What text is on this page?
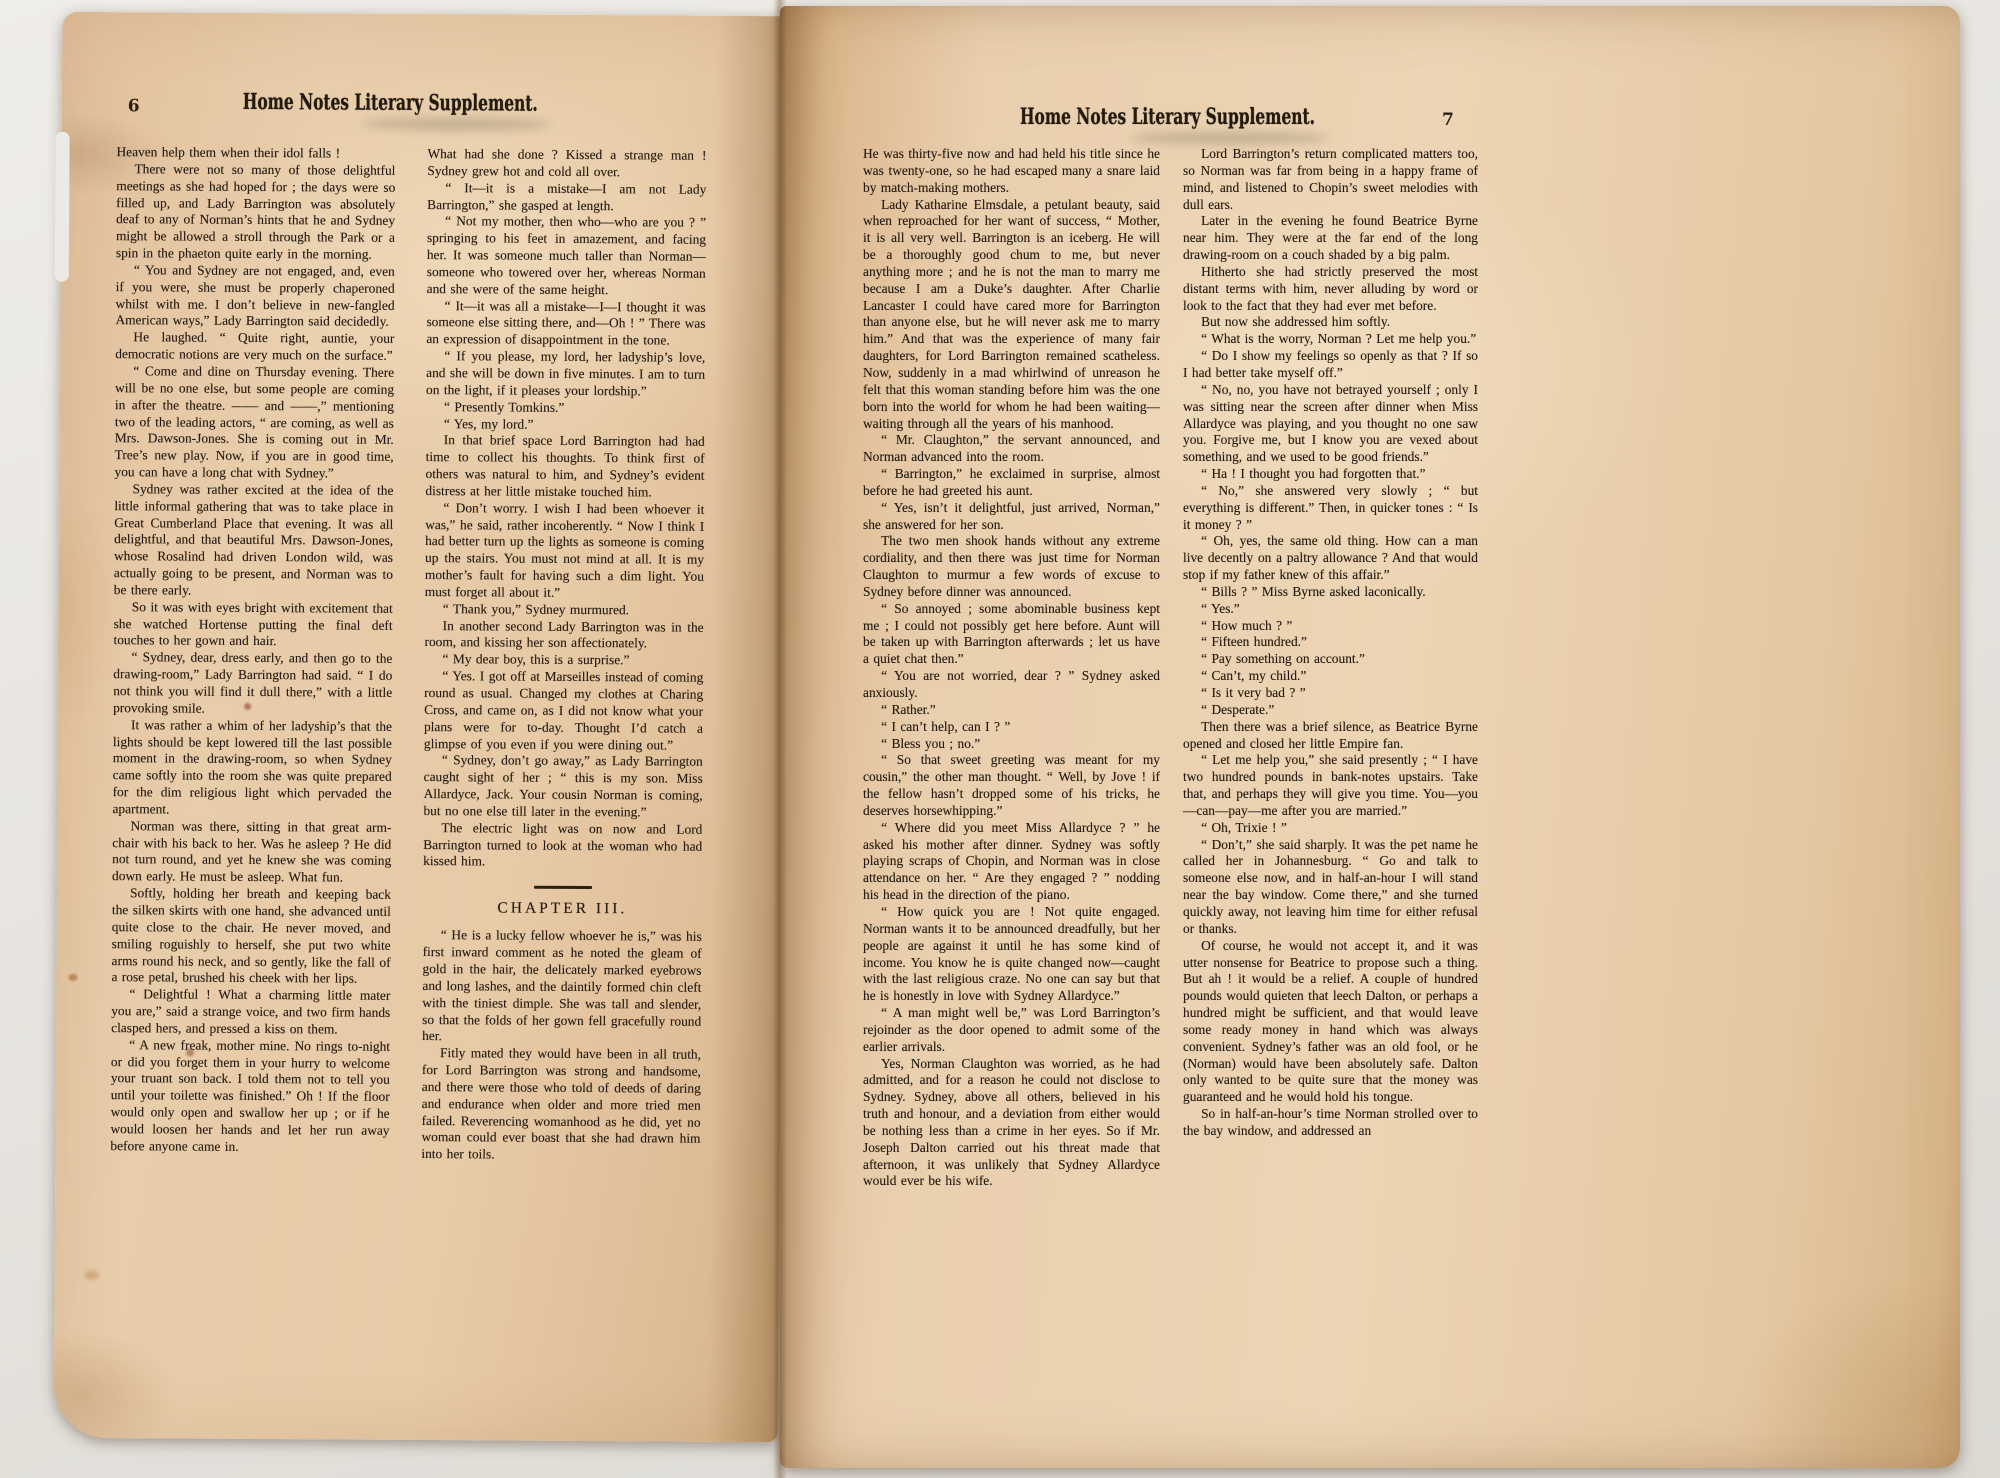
6	Home Notes Literary Supplement.

Heaven help them when their idol falls !

There were not so many of those delightful meetings as she had hoped for ; the days were so filled up, and Lady Barrington was absolutely deaf to any of Norman’s hints that he and Sydney might be allowed a stroll through the Park or a spin in the phaeton quite early in the morning.

“ You and Sydney are not engaged, and, even if you were, she must be properly chaperoned whilst with me. I don’t believe in new-fangled American ways,” Lady Barrington said decidedly.

He laughed. “ Quite right, auntie, your democratic notions are very much on the surface.”

“ Come and dine on Thursday evening. There will be no one else, but some people are coming in after the theatre. —— and ——,” mentioning two of the leading actors, “ are coming, as well as Mrs. Dawson-Jones. She is coming out in Mr. Tree’s new play. Now, if you are in good time, you can have a long chat with Sydney.”

Sydney was rather excited at the idea of the little informal gathering that was to take place in Great Cumberland Place that evening. It was all delightful, and that beautiful Mrs. Dawson-Jones, whose Rosalind had driven London wild, was actually going to be present, and Norman was to be there early.

So it was with eyes bright with excitement that she watched Hortense putting the final deft touches to her gown and hair.

“ Sydney, dear, dress early, and then go to the drawing-room,” Lady Barrington had said. “ I do not think you will find it dull there,” with a little provoking smile.

It was rather a whim of her ladyship’s that the lights should be kept lowered till the last possible moment in the drawing-room, so when Sydney came softly into the room she was quite prepared for the dim religious light which pervaded the apartment.

Norman was there, sitting in that great arm-chair with his back to her. Was he asleep ? He did not turn round, and yet he knew she was coming down early. He must be asleep. What fun.

Softly, holding her breath and keeping back the silken skirts with one hand, she advanced until quite close to the chair. He never moved, and smiling roguishly to herself, she put two white arms round his neck, and so gently, like the fall of a rose petal, brushed his cheek with her lips.

“ Delightful ! What a charming little mater you are,” said a strange voice, and two firm hands clasped hers, and pressed a kiss on them.

“ A new freak, mother mine. No rings to-night or did you forget them in your hurry to welcome your truant son back. I told them not to tell you until your toilette was finished.” Oh ! If the floor would only open and swallow her up ; or if he would loosen her hands and let her run away before anyone came in.

What had she done ? Kissed a strange man ! Sydney grew hot and cold all over.

“ It—it is a mistake—I am not Lady Barrington,” she gasped at length.

“ Not my mother, then who—who are you ? ” springing to his feet in amazement, and facing her. It was someone much taller than Norman—someone who towered over her, whereas Norman and she were of the same height.

“ It—it was all a mistake—I—I thought it was someone else sitting there, and—Oh ! ” There was an expression of disappointment in the tone.

“ If you please, my lord, her ladyship’s love, and she will be down in five minutes. I am to turn on the light, if it pleases your lordship.”

“ Presently Tomkins.”

“ Yes, my lord.”

In that brief space Lord Barrington had had time to collect his thoughts. To think first of others was natural to him, and Sydney’s evident distress at her little mistake touched him.

“ Don’t worry. I wish I had been whoever it was,” he said, rather incoherently. “ Now I think I had better turn up the lights as someone is coming up the stairs. You must not mind at all. It is my mother’s fault for having such a dim light. You must forget all about it.”

“ Thank you,” Sydney murmured.

In another second Lady Barrington was in the room, and kissing her son affectionately.

“ My dear boy, this is a surprise.”

“ Yes. I got off at Marseilles instead of coming round as usual. Changed my clothes at Charing Cross, and came on, as I did not know what your plans were for to-day. Thought I’d catch a glimpse of you even if you were dining out.”

“ Sydney, don’t go away,” as Lady Barrington caught sight of her ; “ this is my son. Miss Allardyce, Jack. Your cousin Norman is coming, but no one else till later in the evening.”

The electric light was on now and Lord Barrington turned to look at the woman who had kissed him.

CHAPTER III.

“ He is a lucky fellow whoever he is,” was his first inward comment as he noted the gleam of gold in the hair, the delicately marked eyebrows and long lashes, and the daintily formed chin cleft with the tiniest dimple. She was tall and slender, so that the folds of her gown fell gracefully round her.

Fitly mated they would have been in all truth, for Lord Barrington was strong and handsome, and there were those who told of deeds of daring and endurance when older and more tried men failed. Reverencing womanhood as he did, yet no woman could ever boast that she had drawn him into her toils.

Home Notes Literary Supplement.	7

He was thirty-five now and had held his title since he was twenty-one, so he had escaped many a snare laid by match-making mothers.

Lady Katharine Elmsdale, a petulant beauty, said when reproached for her want of success, “ Mother, it is all very well. Barrington is an iceberg. He will be a thoroughly good chum to me, but never anything more ; and he is not the man to marry me because I am a Duke’s daughter. After Charlie Lancaster I could have cared more for Barrington than anyone else, but he will never ask me to marry him.” And that was the experience of many fair daughters, for Lord Barrington remained scatheless. Now, suddenly in a mad whirlwind of unreason he felt that this woman standing before him was the one born into the world for whom he had been waiting—waiting through all the years of his manhood.

“ Mr. Claughton,” the servant announced, and Norman advanced into the room.

“ Barrington,” he exclaimed in surprise, almost before he had greeted his aunt.

“ Yes, isn’t it delightful, just arrived, Norman,” she answered for her son.

The two men shook hands without any extreme cordiality, and then there was just time for Norman Claughton to murmur a few words of excuse to Sydney before dinner was announced.

“ So annoyed ; some abominable business kept me ; I could not possibly get here before. Aunt will be taken up with Barrington afterwards ; let us have a quiet chat then.”

“ You are not worried, dear ? ” Sydney asked anxiously.

“ Rather.”

“ I can’t help, can I ? ”

“ Bless you ; no.”

“ So that sweet greeting was meant for my cousin,” the other man thought. “ Well, by Jove ! if the fellow hasn’t dropped some of his tricks, he deserves horsewhipping.”

“ Where did you meet Miss Allardyce ? ” he asked his mother after dinner. Sydney was softly playing scraps of Chopin, and Norman was in close attendance on her. “ Are they engaged ? ” nodding his head in the direction of the piano.

“ How quick you are ! Not quite engaged. Norman wants it to be announced dreadfully, but her people are against it until he has some kind of income. You know he is quite changed now—caught with the last religious craze. No one can say but that he is honestly in love with Sydney Allardyce.”

“ A man might well be,” was Lord Barrington’s rejoinder as the door opened to admit some of the earlier arrivals.

Yes, Norman Claughton was worried, as he had admitted, and for a reason he could not disclose to Sydney. Sydney, above all others, believed in his truth and honour, and a deviation from either would be nothing less than a crime in her eyes. So if Mr. Joseph Dalton carried out his threat made that afternoon, it was unlikely that Sydney Allardyce would ever be his wife.

Lord Barrington’s return complicated matters too, so Norman was far from being in a happy frame of mind, and listened to Chopin’s sweet melodies with dull ears.

Later in the evening he found Beatrice Byrne near him. They were at the far end of the long drawing-room on a couch shaded by a big palm.

Hitherto she had strictly preserved the most distant terms with him, never alluding by word or look to the fact that they had ever met before.

But now she addressed him softly.

“ What is the worry, Norman ? Let me help you.”

“ Do I show my feelings so openly as that ? If so I had better take myself off.”

“ No, no, you have not betrayed yourself ; only I was sitting near the screen after dinner when Miss Allardyce was playing, and you thought no one saw you. Forgive me, but I know you are vexed about something, and we used to be good friends.”

“ Ha ! I thought you had forgotten that.”

“ No,” she answered very slowly ; “ but everything is different.” Then, in quicker tones : “ Is it money ? ”

“ Oh, yes, the same old thing. How can a man live decently on a paltry allowance ? And that would stop if my father knew of this affair.”

“ Bills ? ” Miss Byrne asked laconically.

“ Yes.”

“ How much ? ”

“ Fifteen hundred.”

“ Pay something on account.”

“ Can’t, my child.”

“ Is it very bad ? ”

“ Desperate.”

Then there was a brief silence, as Beatrice Byrne opened and closed her little Empire fan.

“ Let me help you,” she said presently ; “ I have two hundred pounds in bank-notes upstairs. Take that, and perhaps they will give you time. You—you—can—pay—me after you are married.”

“ Oh, Trixie ! ”

“ Don’t,” she said sharply. It was the pet name he called her in Johannesburg. “ Go and talk to someone else now, and in half-an-hour I will stand near the bay window. Come there,” and she turned quickly away, not leaving him time for either refusal or thanks.

Of course, he would not accept it, and it was utter nonsense for Beatrice to propose such a thing. But ah ! it would be a relief. A couple of hundred pounds would quieten that leech Dalton, or perhaps a hundred might be sufficient, and that would leave some ready money in hand which was always convenient. Sydney’s father was an old fool, or he (Norman) would have been absolutely safe. Dalton only wanted to be quite sure that the money was guaranteed and he would hold his tongue.

So in half-an-hour’s time Norman strolled over to the bay window, and addressed an
